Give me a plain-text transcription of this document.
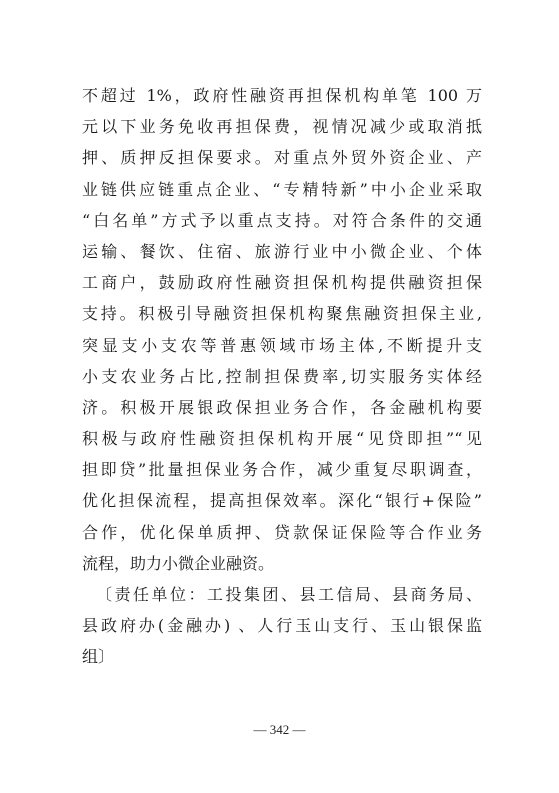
不超过 1%，政府性融资再担保机构单笔 100 万
元以下业务免收再担保费，视情况减少或取消抵
押、质押反担保要求。对重点外贸外资企业、产
业链供应链重点企业、“专精特新”中小企业采取
“白名单”方式予以重点支持。对符合条件的交通
运输、餐饮、住宿、旅游行业中小微企业、个体
工商户，鼓励政府性融资担保机构提供融资担保
支持。积极引导融资担保机构聚焦融资担保主业,
突显支小支农等普惠领域市场主体,不断提升支
小支农业务占比,控制担保费率,切实服务实体经
济。积极开展银政保担业务合作，各金融机构要
积极与政府性融资担保机构开展“见贷即担”“见
担即贷”批量担保业务合作，减少重复尽职调查，
优化担保流程，提高担保效率。深化“银行+保险”
合作，优化保单质押、贷款保证保险等合作业务
流程，助力小微企业融资。
〔责任单位：工投集团、县工信局、县商务局、
县政府办(金融办) 、人行玉山支行、玉山银保监
组〕
— 342 —
